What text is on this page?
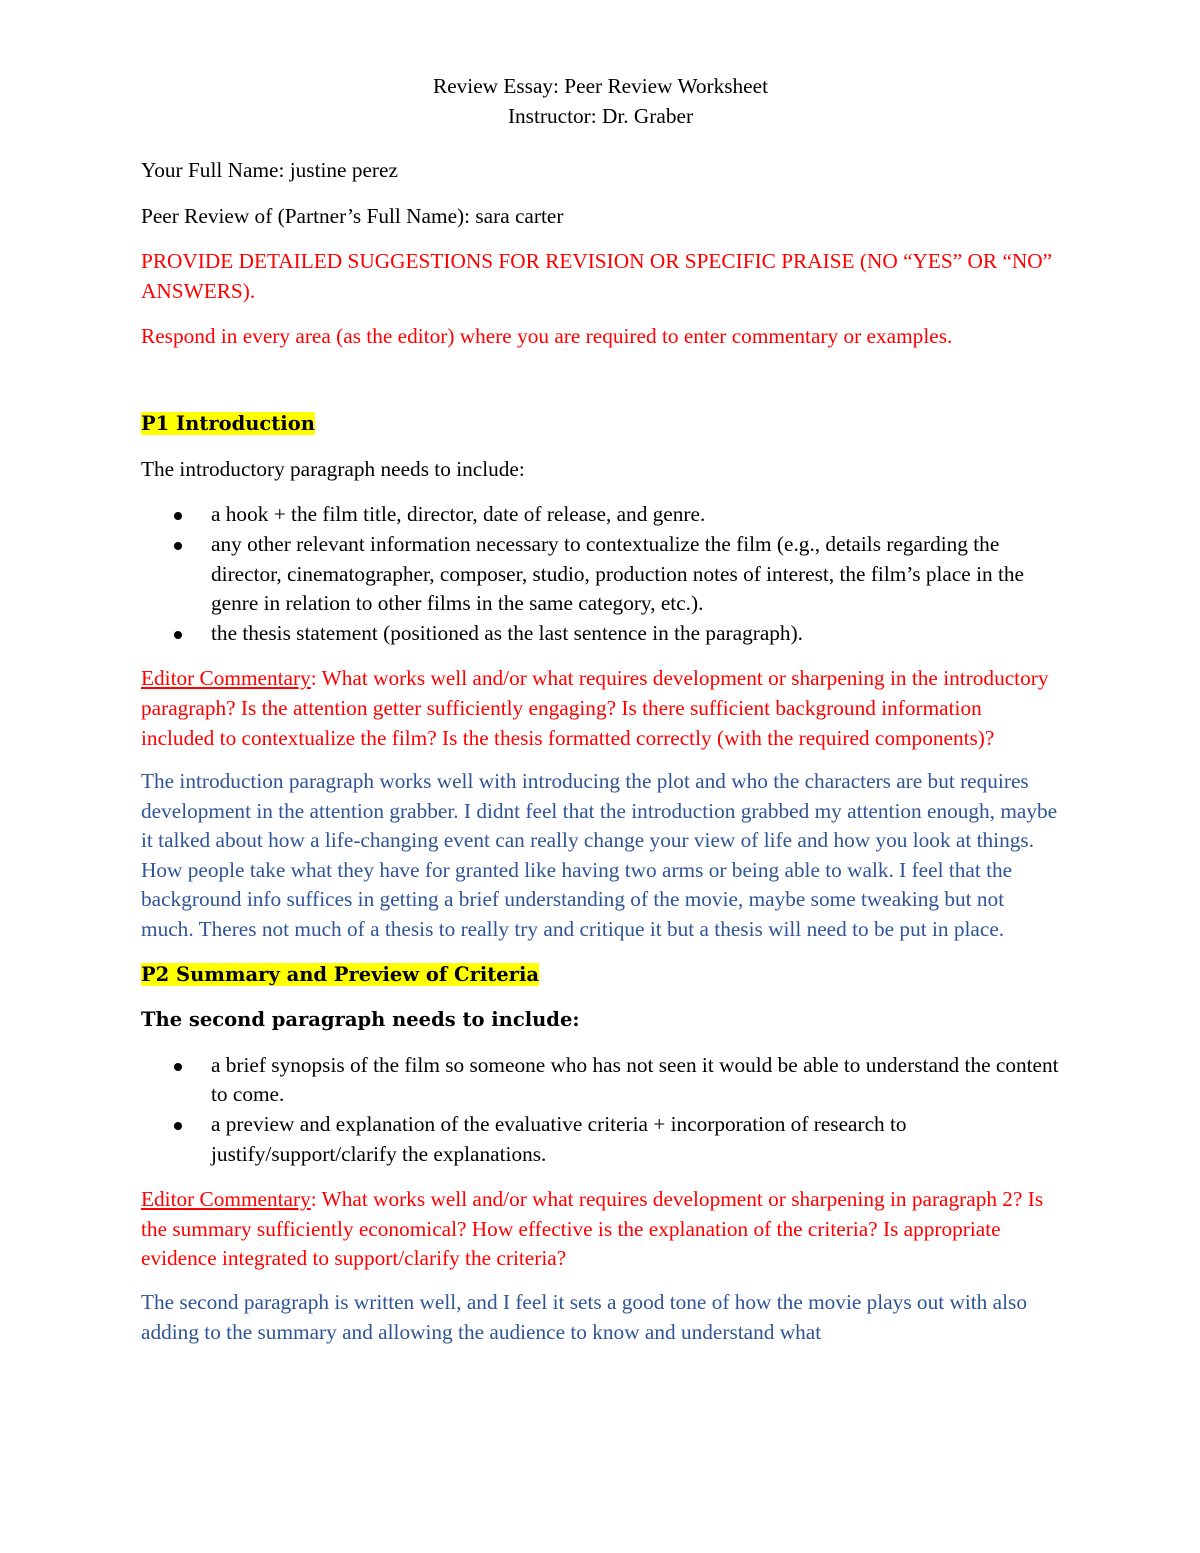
Review Essay: Peer Review Worksheet

Instructor: Dr. Graber

Your Full Name: justine perez

Peer Review of (Partner’s Full Name): sara carter

PROVIDE DETAILED SUGGESTIONS FOR REVISION OR SPECIFIC PRAISE (NO “YES” OR “NO” ANSWERS).

Respond in every area (as the editor) where you are required to enter commentary or examples.

P1 Introduction

The introductory paragraph needs to include:

a hook + the film title, director, date of release, and genre.
any other relevant information necessary to contextualize the film (e.g., details regarding the director, cinematographer, composer, studio, production notes of interest, the film’s place in the genre in relation to other films in the same category, etc.).
the thesis statement (positioned as the last sentence in the paragraph).

Editor Commentary: What works well and/or what requires development or sharpening in the introductory paragraph? Is the attention getter sufficiently engaging? Is there sufficient background information included to contextualize the film? Is the thesis formatted correctly (with the required components)?

The introduction paragraph works well with introducing the plot and who the characters are but requires development in the attention grabber. I didnt feel that the introduction grabbed my attention enough, maybe it talked about how a life-changing event can really change your view of life and how you look at things. How people take what they have for granted like having two arms or being able to walk. I feel that the background info suffices in getting a brief understanding of the movie, maybe some tweaking but not much. Theres not much of a thesis to really try and critique it but a thesis will need to be put in place.

P2 Summary and Preview of Criteria

The second paragraph needs to include:

a brief synopsis of the film so someone who has not seen it would be able to understand the content to come.
a preview and explanation of the evaluative criteria + incorporation of research to justify/support/clarify the explanations.

Editor Commentary: What works well and/or what requires development or sharpening in paragraph 2? Is the summary sufficiently economical? How effective is the explanation of the criteria? Is appropriate evidence integrated to support/clarify the criteria?

The second paragraph is written well, and I feel it sets a good tone of how the movie plays out with also adding to the summary and allowing the audience to know and understand what
